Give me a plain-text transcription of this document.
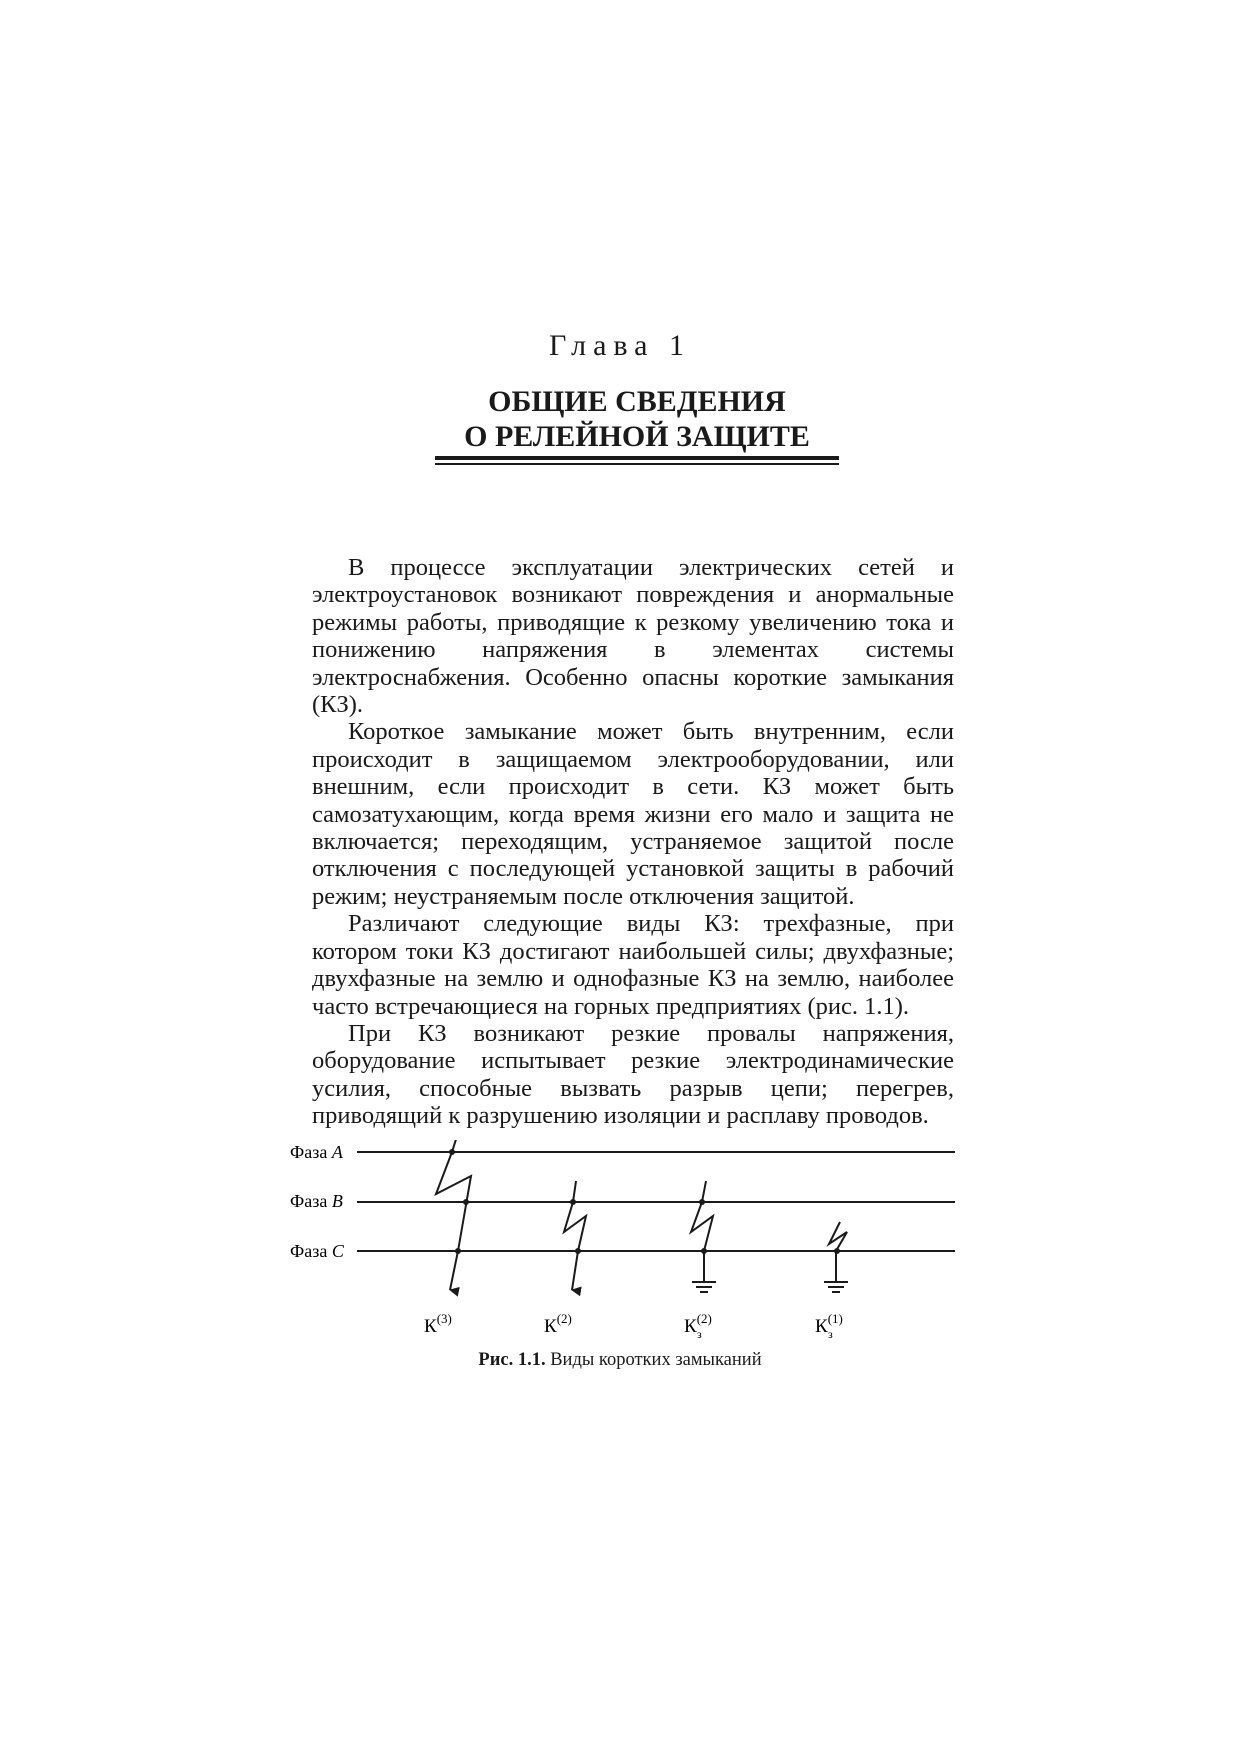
Глава 1
ОБЩИЕ СВЕДЕНИЯ
О РЕЛЕЙНОЙ ЗАЩИТЕ

В процессе эксплуатации электрических сетей и электроустановок возникают повреждения и анормальные режимы работы, приводящие к резкому увеличению тока и понижению напряжения в элементах системы электроснабжения. Особенно опасны короткие замыкания (КЗ).

Короткое замыкание может быть внутренним, если происходит в защищаемом электрооборудовании, или внешним, если происходит в сети. КЗ может быть самозатухающим, когда время жизни его мало и защита не включается; переходящим, устраняемое защитой после отключения с последующей установкой защиты в рабочий режим; неустраняемым после отключения защитой.

Различают следующие виды КЗ: трехфазные, при котором токи КЗ достигают наибольшей силы; двухфазные; двухфазные на землю и однофазные КЗ на землю, наиболее часто встречающиеся на горных предприятиях (рис. 1.1).

При КЗ возникают резкие провалы напряжения, оборудование испытывает резкие электродинамические усилия, способные вызвать разрыв цепи; перегрев, приводящий к разрушению изоляции и расплаву проводов.

Фаза A
Фаза B
Фаза C
$К^{(3)}$	$К^{(2)}$	$К^{(2)}$
з	$К^{(1)}$
з
Рис. 1.1. Виды коротких замыканий
